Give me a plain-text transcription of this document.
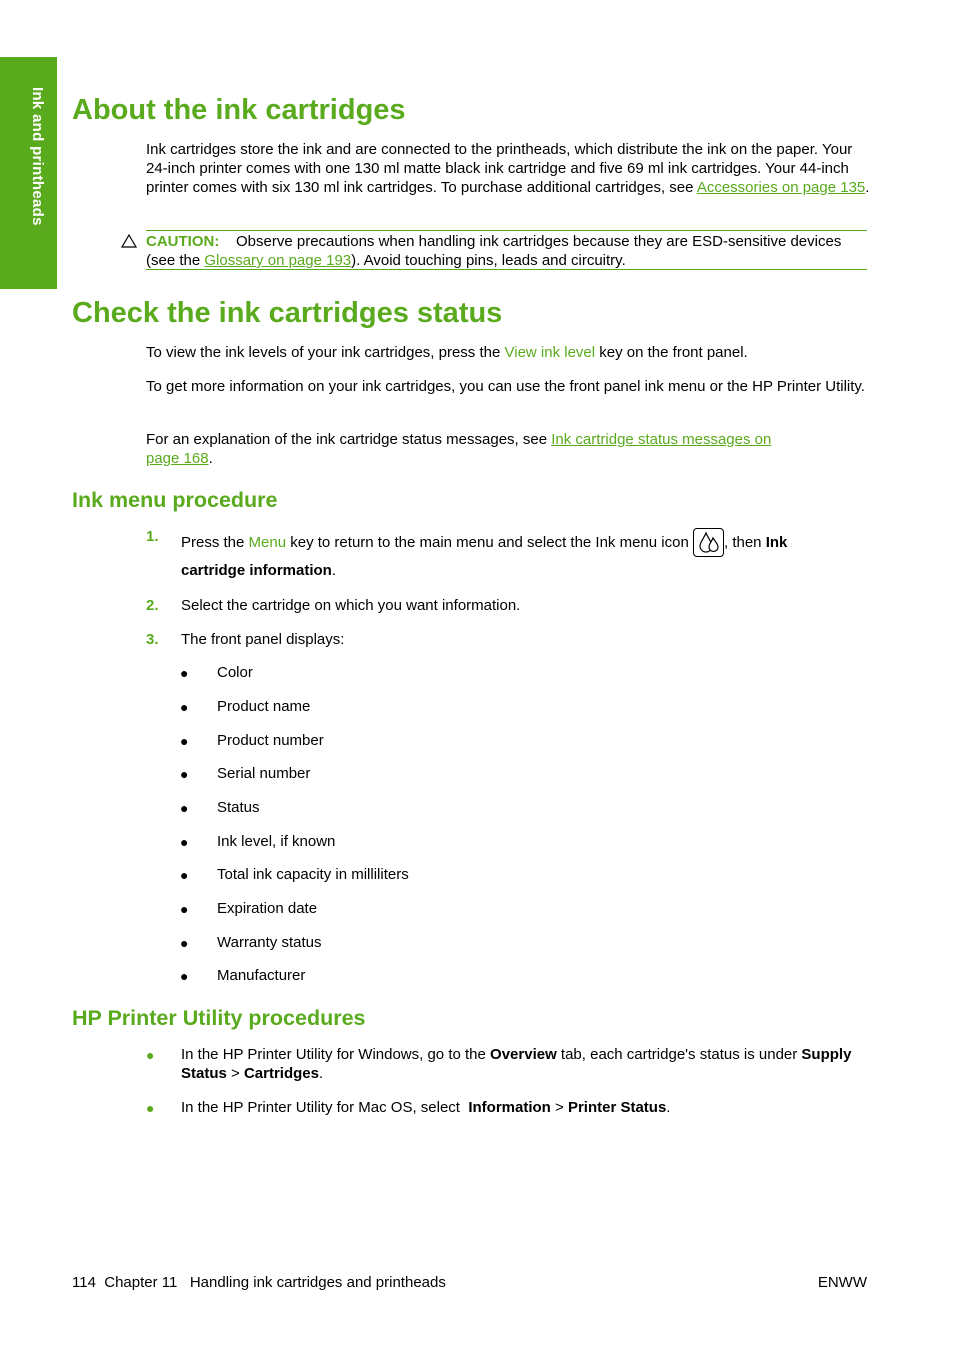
Ink and printheads About the ink cartridges

Ink cartridges store the ink and are connected to the printheads, which distribute the ink on the paper. Your 24-inch printer comes with one 130 ml matte black ink cartridge and five 69 ml ink cartridges. Your 44-inch printer comes with six 130 ml ink cartridges. To purchase additional cartridges, see Accessories on page 135.

CAUTION: Observe precautions when handling ink cartridges because they are ESD-sensitive devices (see the Glossary on page 193). Avoid touching pins, leads and circuitry.

Check the ink cartridges status

To view the ink levels of your ink cartridges, press the View ink level key on the front panel.

To get more information on your ink cartridges, you can use the front panel ink menu or the HP Printer Utility.

For an explanation of the ink cartridge status messages, see Ink cartridge status messages on page 168.

Ink menu procedure
1. Press the Menu key to return to the main menu and select the Ink menu icon , then Ink cartridge information.

2. Select the cartridge on which you want information.

3. The front panel displays:

● Color
● Product name
● Product number
● Serial number
● Status
● Ink level, if known
● Total ink capacity in milliliters
● Expiration date
● Warranty status
● Manufacturer
HP Printer Utility procedures
● In the HP Printer Utility for Windows, go to the Overview tab, each cartridge's status is under Supply Status > Cartridges.

● In the HP Printer Utility for Mac OS, select Information > Printer Status.

114  Chapter 11   Handling ink cartridges and printheads	ENWW
